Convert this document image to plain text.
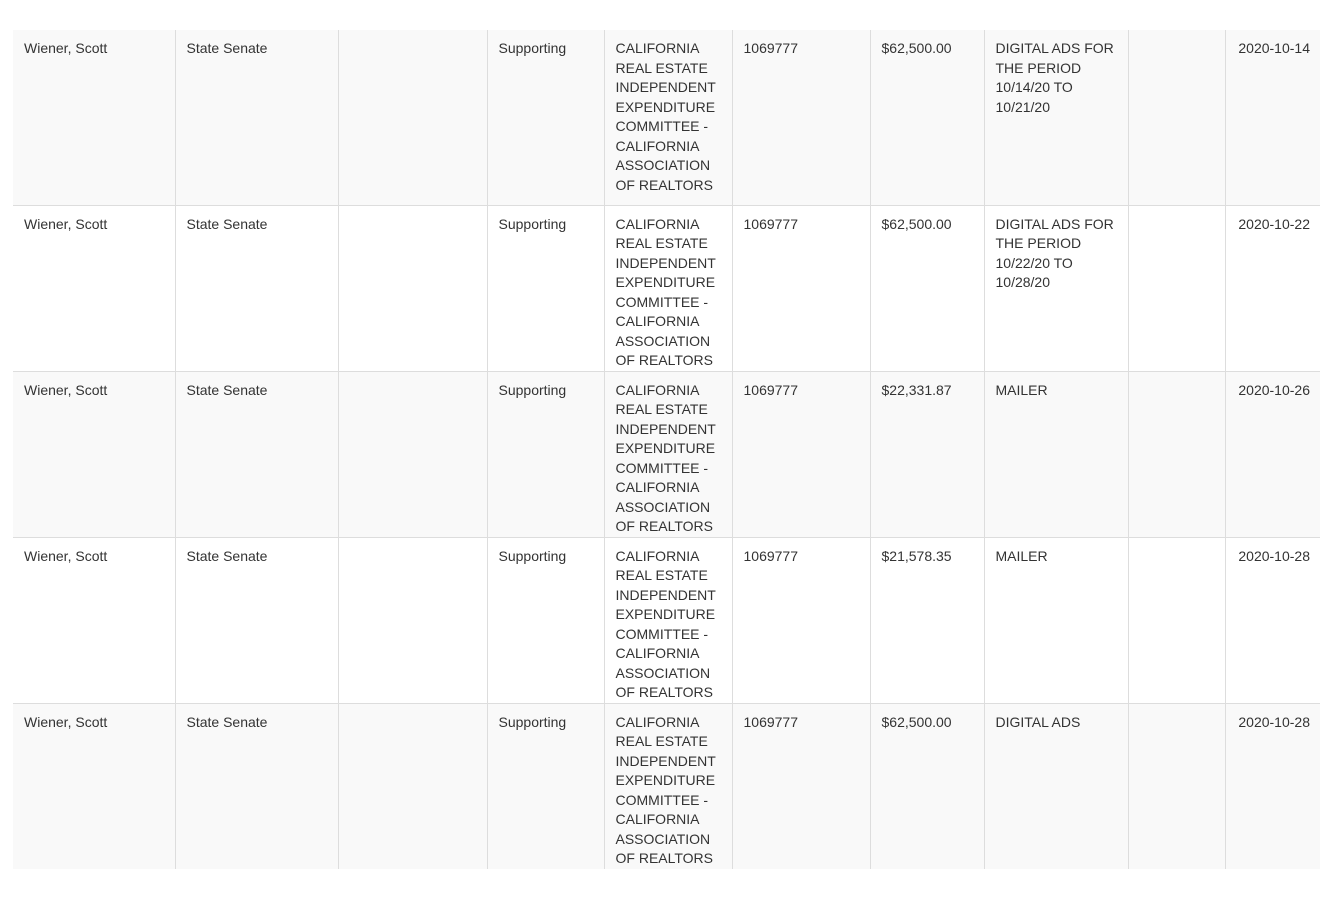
Wiener, Scott	State Senate		Supporting	CALIFORNIA REAL ESTATE INDEPENDENT EXPENDITURE COMMITTEE - CALIFORNIA ASSOCIATION OF REALTORS	1069777	$62,500.00	DIGITAL ADS FOR THE PERIOD 10/14/20 TO 10/21/20		2020-10-14
Wiener, Scott	State Senate		Supporting	CALIFORNIA REAL ESTATE INDEPENDENT EXPENDITURE COMMITTEE - CALIFORNIA ASSOCIATION OF REALTORS	1069777	$62,500.00	DIGITAL ADS FOR THE PERIOD 10/22/20 TO 10/28/20		2020-10-22
Wiener, Scott	State Senate		Supporting	CALIFORNIA REAL ESTATE INDEPENDENT EXPENDITURE COMMITTEE - CALIFORNIA ASSOCIATION OF REALTORS	1069777	$22,331.87	MAILER		2020-10-26
Wiener, Scott	State Senate		Supporting	CALIFORNIA REAL ESTATE INDEPENDENT EXPENDITURE COMMITTEE - CALIFORNIA ASSOCIATION OF REALTORS	1069777	$21,578.35	MAILER		2020-10-28
Wiener, Scott	State Senate		Supporting	CALIFORNIA REAL ESTATE INDEPENDENT EXPENDITURE COMMITTEE - CALIFORNIA ASSOCIATION OF REALTORS	1069777	$62,500.00	DIGITAL ADS		2020-10-28
